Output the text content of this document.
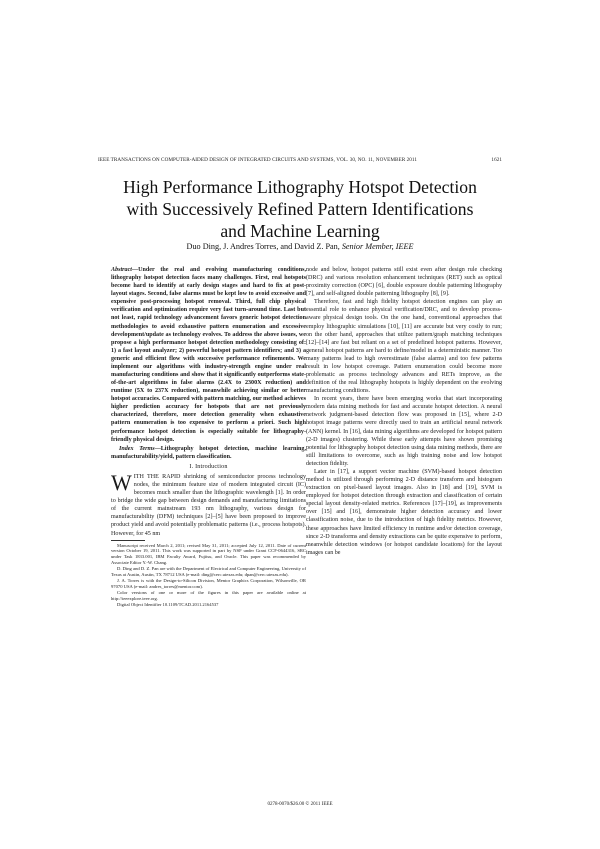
IEEE TRANSACTIONS ON COMPUTER-AIDED DESIGN OF INTEGRATED CIRCUITS AND SYSTEMS, VOL. 30, NO. 11, NOVEMBER 2011	1621
High Performance Lithography Hotspot Detection
with Successively Refined Pattern Identifications
and Machine Learning
Duo Ding, J. Andres Torres, and David Z. Pan, Senior Member, IEEE

Abstract—Under the real and evolving manufacturing conditions, lithography hotspot detection faces many challenges. First, real hotspots become hard to identify at early design stages and hard to fix at post-layout stages. Second, false alarms must be kept low to avoid excessive and expensive post-processing hotspot removal. Third, full chip physical verification and optimization require very fast turn-around time. Last but not least, rapid technology advancement favors generic hotspot detection methodologies to avoid exhaustive pattern enumeration and excessive development/update as technology evolves. To address the above issues, we propose a high performance hotspot detection methodology consisting of: 1) a fast layout analyzer; 2) powerful hotspot pattern identifiers; and 3) a generic and efficient flow with successive performance refinements. We implement our algorithms with industry-strength engine under real manufacturing conditions and show that it significantly outperforms state-of-the-art algorithms in false alarms (2.4X to 2300X reduction) and runtime (5X to 237X reduction), meanwhile achieving similar or better hotspot accuracies. Compared with pattern matching, our method achieves higher prediction accuracy for hotspots that are not previously characterized, therefore, more detection generality when exhaustive pattern enumeration is too expensive to perform a priori. Such high performance hotspot detection is especially suitable for lithography-friendly physical design.

Index Terms—Lithography hotspot detection, machine learning, manufacturability/yield, pattern classification.

I. Introduction

WITH THE RAPID shrinking of semiconductor process technology nodes, the minimum feature size of modern integrated circuit (IC) becomes much smaller than the lithographic wavelength [1]. In order to bridge the wide gap between design demands and manufacturing limitations of the current mainstream 193 nm lithography, various design for manufacturability (DFM) techniques [2]–[5] have been proposed to improve product yield and avoid potentially problematic patterns (i.e., process hotspots). However, for 45 nm

Manuscript received March 2, 2011; revised May 31, 2011; accepted July 12, 2011. Date of current version October 19, 2011. This work was supported in part by NSF under Grant CCF-0644316, SRC under Task 1833.001, IBM Faculty Award, Fujitsu, and Oracle. This paper was recommended by Associate Editor Y.-W. Chang.

D. Ding and D. Z. Pan are with the Department of Electrical and Computer Engineering, University of Texas at Austin, Austin, TX 78712 USA (e-mail: ding@cerc.utexas.edu; dpan@cerc.utexas.edu).

J. A. Torres is with the Design-to-Silicon Division, Mentor Graphics Corporation, Wilsonville, OR 97070 USA (e-mail: andres_torres@mentor.com).

Color versions of one or more of the figures in this paper are available online at http://ieeexplore.ieee.org.

Digital Object Identifier 10.1109/TCAD.2011.2164537

node and below, hotspot patterns still exist even after design rule checking (DRC) and various resolution enhancement techniques (RET) such as optical proximity correction (OPC) [6], double exposure double patterning lithography [7], and self-aligned double patterning lithography [8], [9].

Therefore, fast and high fidelity hotspot detection engines can play an essential role to enhance physical verification/DRC, and to develop process-aware physical design tools. On the one hand, conventional approaches that employ lithographic simulations [10], [11] are accurate but very costly to run; on the other hand, approaches that utilize pattern/graph matching techniques [12]–[14] are fast but reliant on a set of predefined hotspot patterns. However, general hotspot patterns are hard to define/model in a deterministic manner. Too many patterns lead to high overestimate (false alarms) and too few patterns result in low hotspot coverage. Pattern enumeration could become more problematic as process technology advances and RETs improve, as the definition of the real lithography hotspots is highly dependent on the evolving manufacturing conditions.

In recent years, there have been emerging works that start incorporating modern data mining methods for fast and accurate hotspot detection. A neural network judgment-based detection flow was proposed in [15], where 2-D hotspot image patterns were directly used to train an artificial neural network (ANN) kernel. In [16], data mining algorithms are developed for hotspot pattern (2-D images) clustering. While these early attempts have shown promising potential for lithography hotspot detection using data mining methods, there are still limitations to overcome, such as high training noise and low hotspot detection fidelity.

Later in [17], a support vector machine (SVM)-based hotspot detection method is utilized through performing 2-D distance transform and histogram extraction on pixel-based layout images. Also in [18] and [19], SVM is employed for hotspot detection through extraction and classification of certain special layout density-related metrics. References [17]–[19], as improvements over [15] and [16], demonstrate higher detection accuracy and lower classification noise, due to the introduction of high fidelity metrics. However, these approaches have limited efficiency in runtime and/or detection coverage, since 2-D transforms and density extractions can be quite expensive to perform, meanwhile detection windows (or hotspot candidate locations) for the layout images can be

0278-0070/$26.00 © 2011 IEEE
